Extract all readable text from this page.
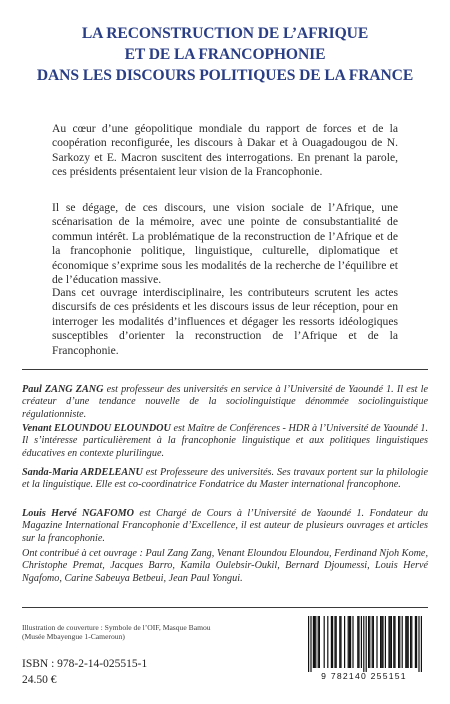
LA RECONSTRUCTION DE L’AFRIQUE
ET DE LA FRANCOPHONIE
DANS LES DISCOURS POLITIQUES DE LA FRANCE
Au cœur d’une géopolitique mondiale du rapport de forces et de la coopération reconfigurée, les discours à Dakar et à Ouagadougou de N. Sarkozy et E. Macron suscitent des interrogations. En prenant la parole, ces présidents présentaient leur vision de la Francophonie.
Il se dégage, de ces discours, une vision sociale de l’Afrique, une scénarisation de la mémoire, avec une pointe de consubstantialité de commun intérêt. La problématique de la reconstruction de l’Afrique et de la francophonie politique, linguistique, culturelle, diplomatique et économique s’exprime sous les modalités de la recherche de l’équilibre et de l’éducation massive.
Dans cet ouvrage interdisciplinaire, les contributeurs scrutent les actes discursifs de ces présidents et les discours issus de leur réception, pour en interroger les modalités d’influences et dégager les ressorts idéologiques susceptibles d’orienter la reconstruction de l’Afrique et de la Francophonie.
Paul ZANG ZANG est professeur des universités en service à l’Université de Yaoundé 1. Il est le créateur d’une tendance nouvelle de la sociolinguistique dénommée sociolinguistique régulationniste.
Venant ELOUNDOU ELOUNDOU est Maître de Conférences - HDR à l’Université de Yaoundé 1. Il s’intéresse particulièrement à la francophonie linguistique et aux politiques linguistiques éducatives en contexte plurilingue.
Sanda-Maria ARDELEANU est Professeure des universités. Ses travaux portent sur la philologie et la linguistique. Elle est co-coordinatrice Fondatrice du Master international francophone.
Louis Hervé NGAFOMO est Chargé de Cours à l’Université de Yaoundé 1. Fondateur du Magazine International Francophonie d’Excellence, il est auteur de plusieurs ouvrages et articles sur la francophonie.
Ont contribué à cet ouvrage : Paul Zang Zang, Venant Eloundou Eloundou, Ferdinand Njoh Kome, Christophe Premat, Jacques Barro, Kamila Oulebsir-Oukil, Bernard Djoumessi, Louis Hervé Ngafomo, Carine Sabeuya Betbeui, Jean Paul Yongui.
Illustration de couverture : Symbole de l’OIF, Masque Bamou (Musée Mbayengue 1-Cameroun)
ISBN : 978-2-14-025515-1
24.50 €	9 782140 255151
